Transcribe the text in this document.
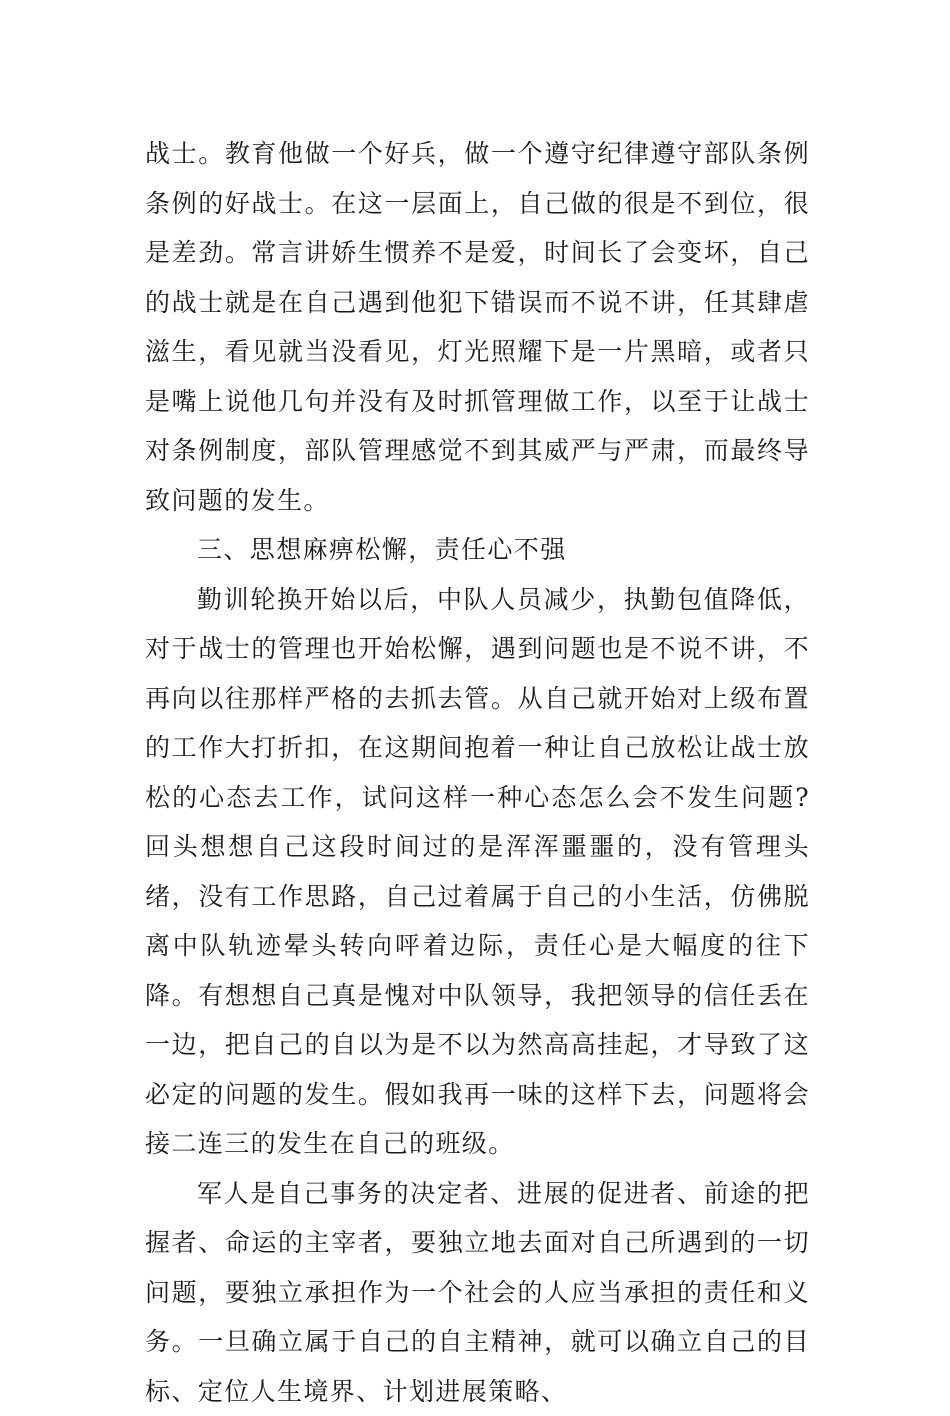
战士。教育他做一个好兵，做一个遵守纪律遵守部队条例条例的好战士。在这一层面上，自己做的很是不到位，很是差劲。常言讲娇生惯养不是爱，时间长了会变坏，自己的战士就是在自己遇到他犯下错误而不说不讲，任其肆虐滋生，看见就当没看见，灯光照耀下是一片黑暗，或者只是嘴上说他几句并没有及时抓管理做工作，以至于让战士对条例制度，部队管理感觉不到其威严与严肃，而最终导致问题的发生。

三、思想麻痹松懈，责任心不强

勤训轮换开始以后，中队人员减少，执勤包值降低，对于战士的管理也开始松懈，遇到问题也是不说不讲，不再向以往那样严格的去抓去管。从自己就开始对上级布置的工作大打折扣，在这期间抱着一种让自己放松让战士放松的心态去工作，试问这样一种心态怎么会不发生问题?回头想想自己这段时间过的是浑浑噩噩的，没有管理头绪，没有工作思路，自己过着属于自己的小生活，仿佛脱离中队轨迹晕头转向呯着边际，责任心是大幅度的往下降。有想想自己真是愧对中队领导，我把领导的信任丢在一边，把自己的自以为是不以为然高高挂起，才导致了这必定的问题的发生。假如我再一味的这样下去，问题将会接二连三的发生在自己的班级。

军人是自己事务的决定者、进展的促进者、前途的把握者、命运的主宰者，要独立地去面对自己所遇到的一切问题，要独立承担作为一个社会的人应当承担的责任和义务。一旦确立属于自己的自主精神，就可以确立自己的目标、定位人生境界、计划进展策略、
